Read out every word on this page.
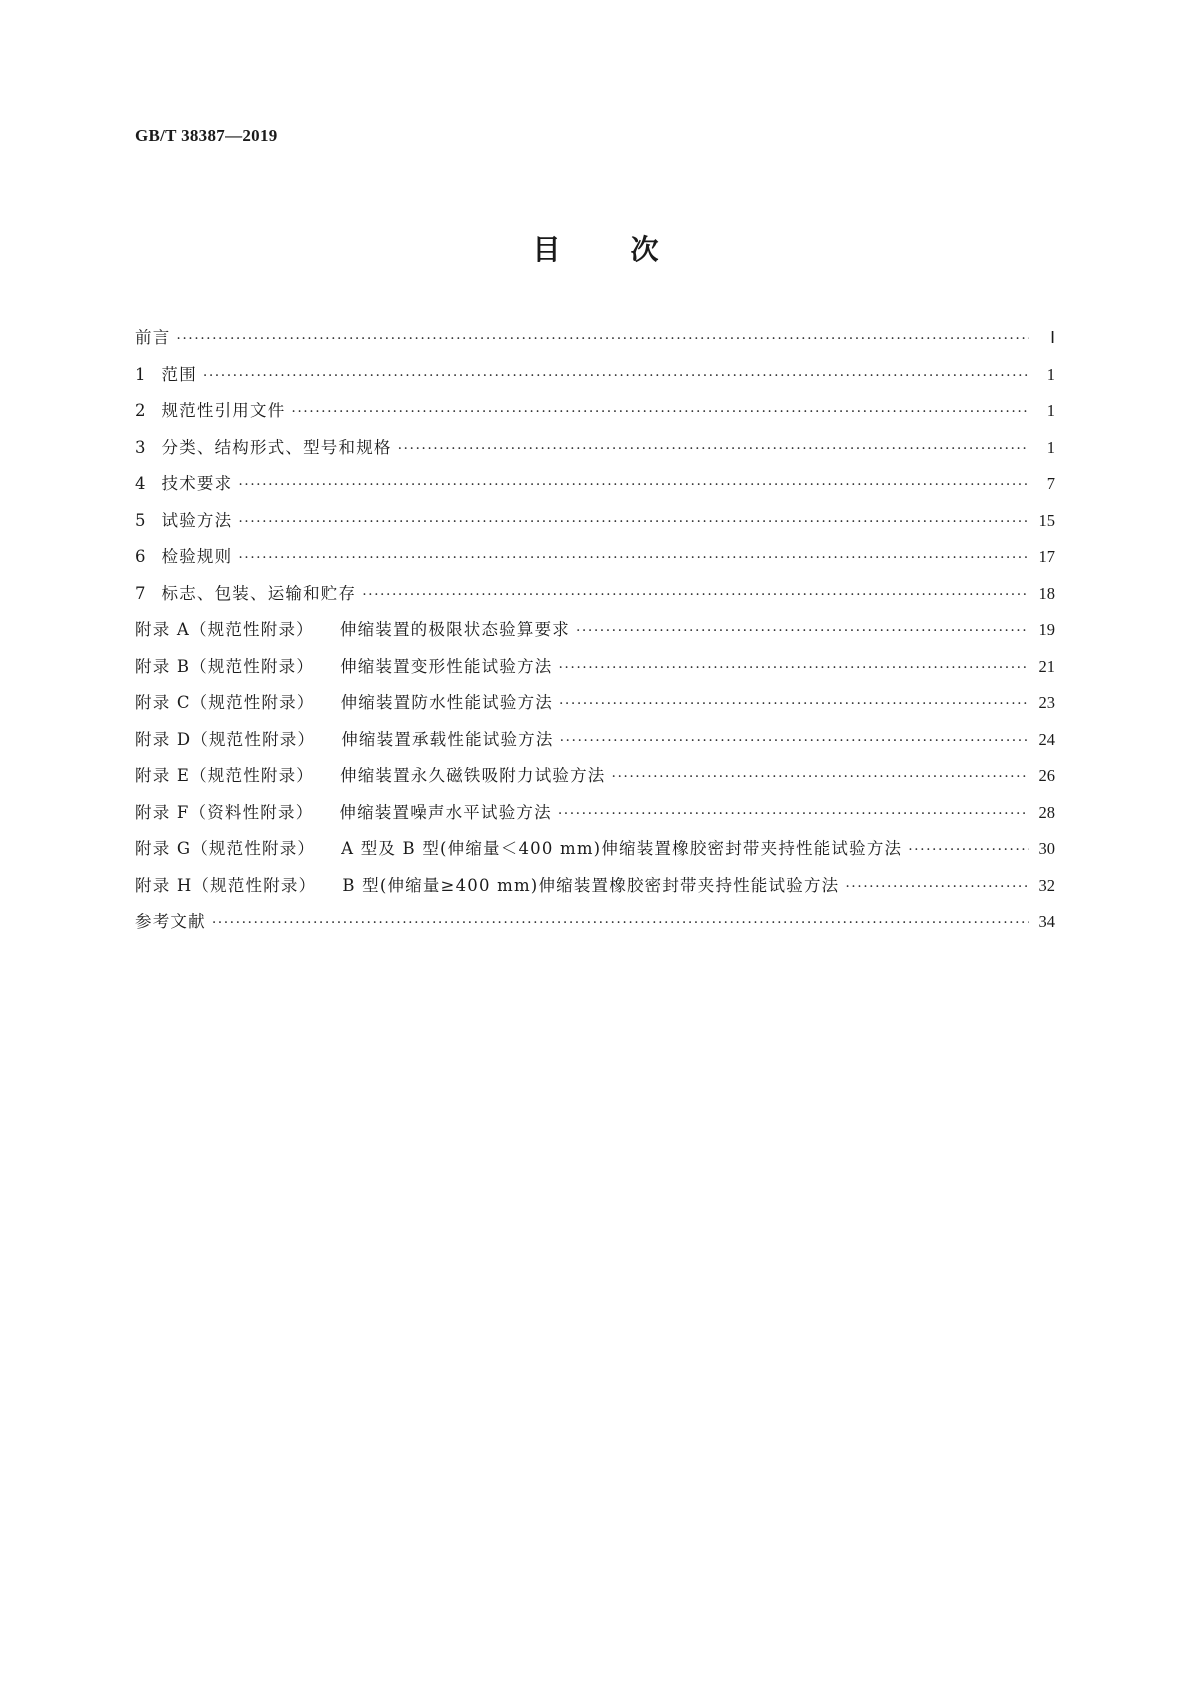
GB/T 38387—2019
目	次
前言 ·····	Ⅰ
1 范围 ·····	1
2 规范性引用文件 ·····	1
3 分类、结构形式、型号和规格 ·····	1
4 技术要求 ·····	7
5 试验方法 ·····	15
6 检验规则 ·····	17
7 标志、包装、运输和贮存 ·····	18
附录 A（规范性附录） 伸缩装置的极限状态验算要求 ·····	19
附录 B（规范性附录） 伸缩装置变形性能试验方法 ·····	21
附录 C（规范性附录） 伸缩装置防水性能试验方法 ·····	23
附录 D（规范性附录） 伸缩装置承载性能试验方法 ·····	24
附录 E（规范性附录） 伸缩装置永久磁铁吸附力试验方法 ·····	26
附录 F（资料性附录） 伸缩装置噪声水平试验方法 ·····	28
附录 G（规范性附录） A 型及 B 型(伸缩量＜400 mm)伸缩装置橡胶密封带夹持性能试验方法 ·····	30
附录 H（规范性附录） B 型(伸缩量≥400 mm)伸缩装置橡胶密封带夹持性能试验方法 ·····	32
参考文献 ·····	34
